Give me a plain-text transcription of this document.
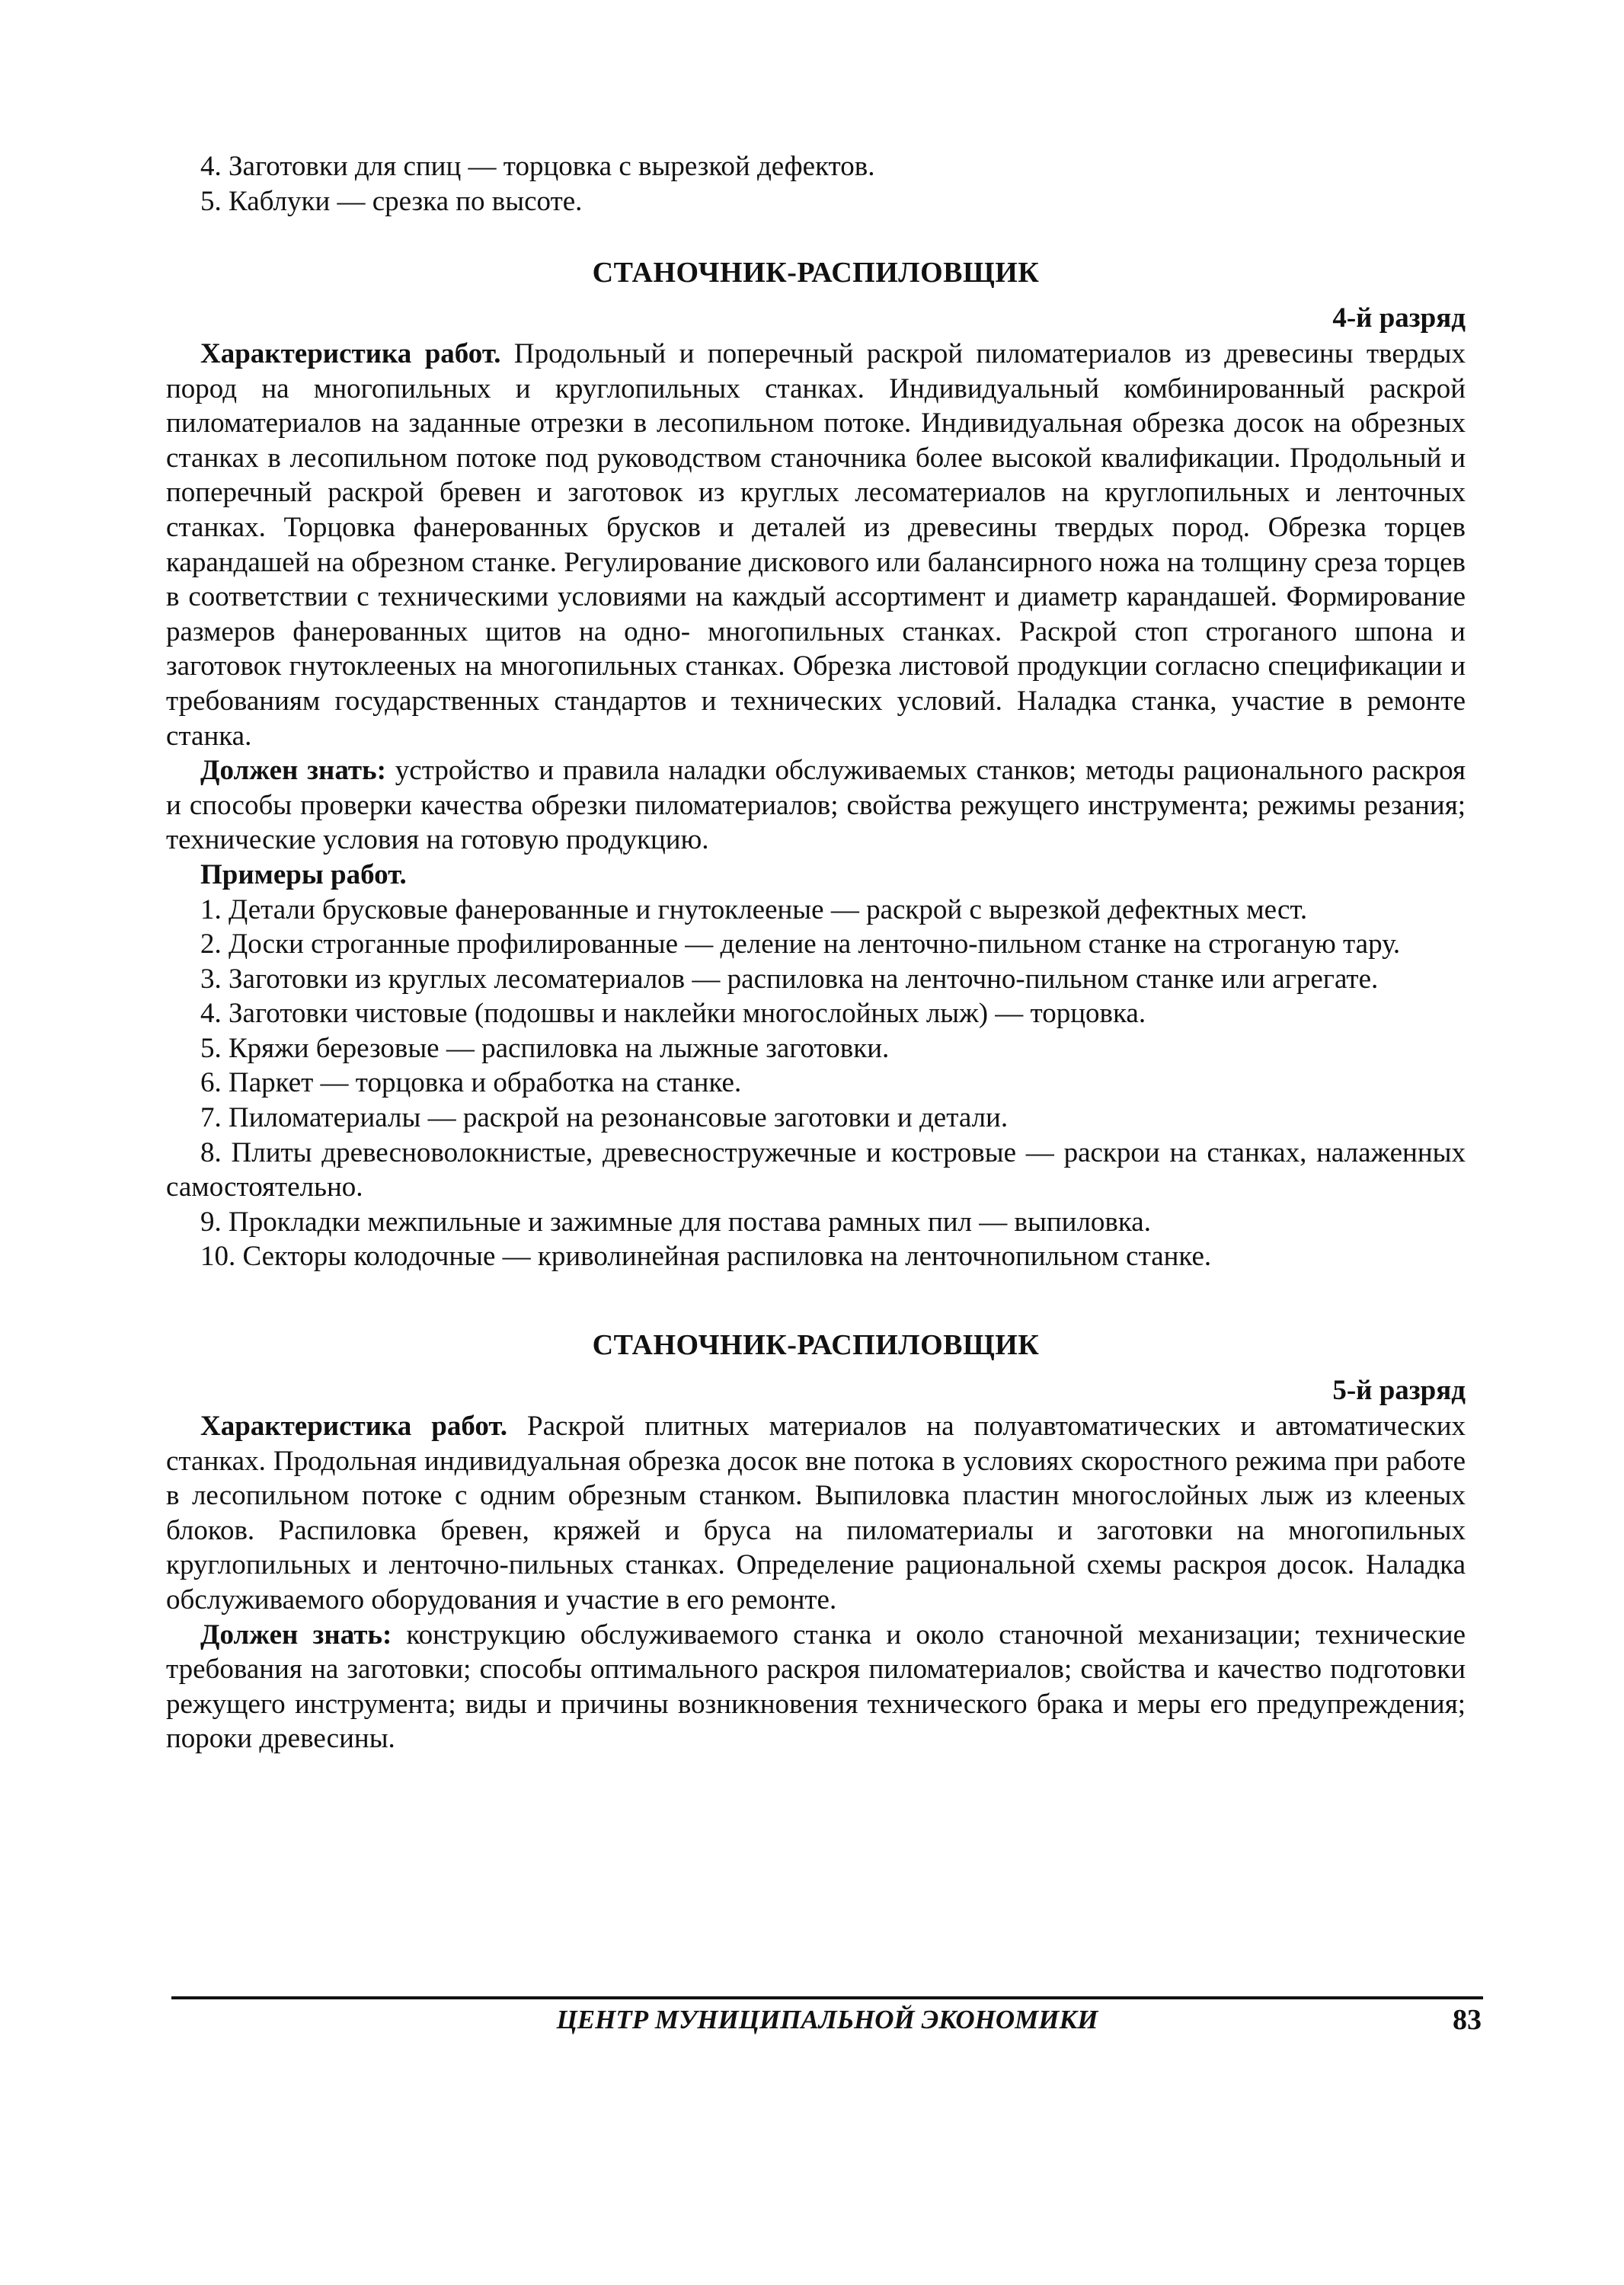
4. Заготовки для спиц — торцовка с вырезкой дефектов.

5. Каблуки — срезка по высоте.

СТАНОЧНИК-РАСПИЛОВЩИК
4-й разряд

Характеристика работ. Продольный и поперечный раскрой пиломатериалов из древесины твердых пород на многопильных и круглопильных станках. Индивидуальный комбинированный раскрой пиломатериалов на заданные отрезки в лесопильном потоке. Индивидуальная обрезка досок на обрезных станках в лесопильном потоке под руководством станочника более высокой квалификации. Продольный и поперечный раскрой бревен и заготовок из круглых лесоматериалов на круглопильных и ленточных станках. Торцовка фанерованных брусков и деталей из древесины твердых пород. Обрезка торцев карандашей на обрезном станке. Регулирование дискового или балансирного ножа на толщину среза торцев в соответствии с техническими условиями на каждый ассортимент и диаметр карандашей. Формирование размеров фанерованных щитов на одно- многопильных станках. Раскрой стоп строганого шпона и заготовок гнутоклееных на многопильных станках. Обрезка листовой продукции согласно спецификации и требованиям государственных стандартов и технических условий. Наладка станка, участие в ремонте станка.

Должен знать: устройство и правила наладки обслуживаемых станков; методы рационального раскроя и способы проверки качества обрезки пиломатериалов; свойства режущего инструмента; режимы резания; технические условия на готовую продукцию.

Примеры работ.

1. Детали брусковые фанерованные и гнутоклееные — раскрой с вырезкой дефектных мест.

2. Доски строганные профилированные — деление на ленточно-пильном станке на строганую тару.

3. Заготовки из круглых лесоматериалов — распиловка на ленточно-пильном станке или агрегате.

4. Заготовки чистовые (подошвы и наклейки многослойных лыж) — торцовка.

5. Кряжи березовые — распиловка на лыжные заготовки.

6. Паркет — торцовка и обработка на станке.

7. Пиломатериалы — раскрой на резонансовые заготовки и детали.

8. Плиты древесноволокнистые, древесностружечные и костровые — раскрои на станках, налаженных самостоятельно.

9. Прокладки межпильные и зажимные для постава рамных пил — выпиловка.

10. Секторы колодочные — криволинейная распиловка на ленточнопильном станке.

СТАНОЧНИК-РАСПИЛОВЩИК
5-й разряд

Характеристика работ. Раскрой плитных материалов на полуавтоматических и автоматических станках. Продольная индивидуальная обрезка досок вне потока в условиях скоростного режима при работе в лесопильном потоке с одним обрезным станком. Выпиловка пластин многослойных лыж из клееных блоков. Распиловка бревен, кряжей и бруса на пиломатериалы и заготовки на многопильных круглопильных и ленточно-пильных станках. Определение рациональной схемы раскроя досок. Наладка обслуживаемого оборудования и участие в его ремонте.

Должен знать: конструкцию обслуживаемого станка и около станочной механизации; технические требования на заготовки; способы оптимального раскроя пиломатериалов; свойства и качество подготовки режущего инструмента; виды и причины возникновения технического брака и меры его предупреждения; пороки древесины.

ЦЕНТР МУНИЦИПАЛЬНОЙ ЭКОНОМИКИ	83
